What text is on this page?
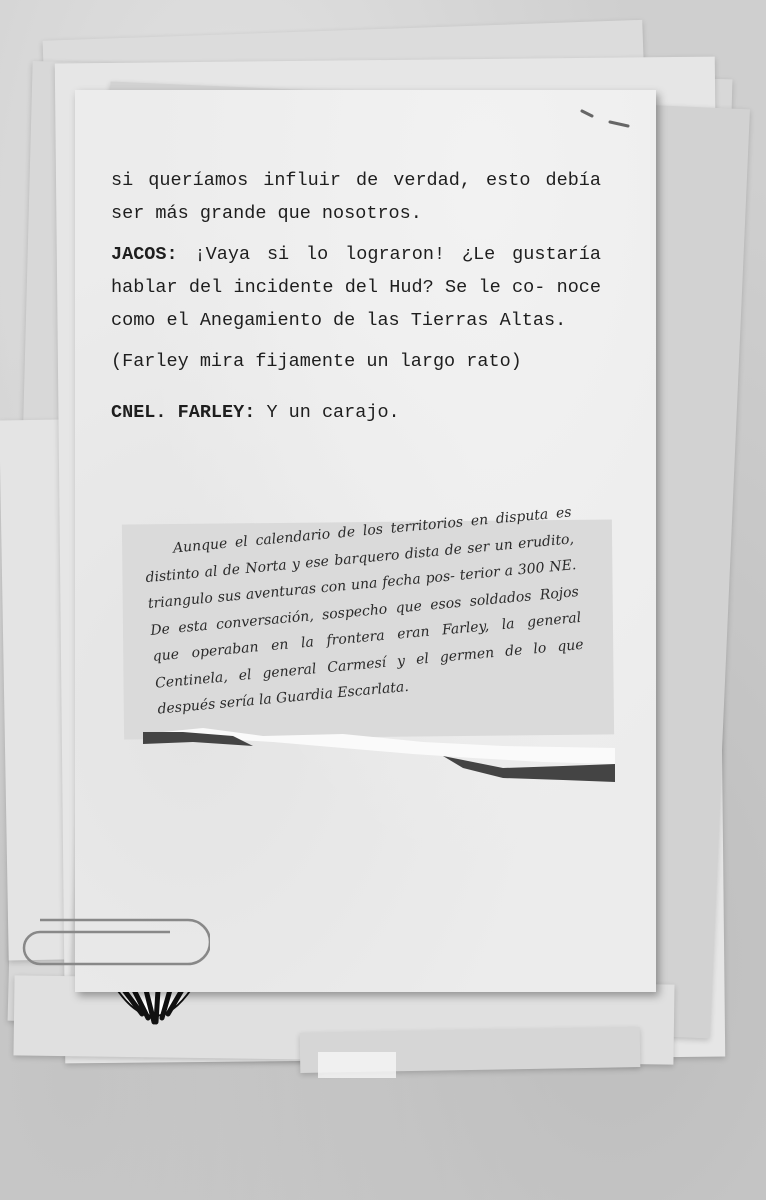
si queríamos influir de verdad, esto debía ser más grande que nosotros.

JACOS: ¡Vaya si lo lograron! ¿Le gustaría hablar del incidente del Hud? Se le co- noce como el Anegamiento de las Tierras Altas.

(Farley mira fijamente un largo rato)

CNEL. FARLEY: Y un carajo.

Aunque el calendario de los territorios en disputa es distinto al de Norta y ese barquero dista de ser un erudito, triangulo sus aventuras con una fecha pos- terior a 300 NE. De esta conversación, sospecho que esos soldados Rojos que operaban en la frontera eran Farley, la general Centinela, el general Carmesí y el germen de lo que después sería la Guardia Escarlata.
